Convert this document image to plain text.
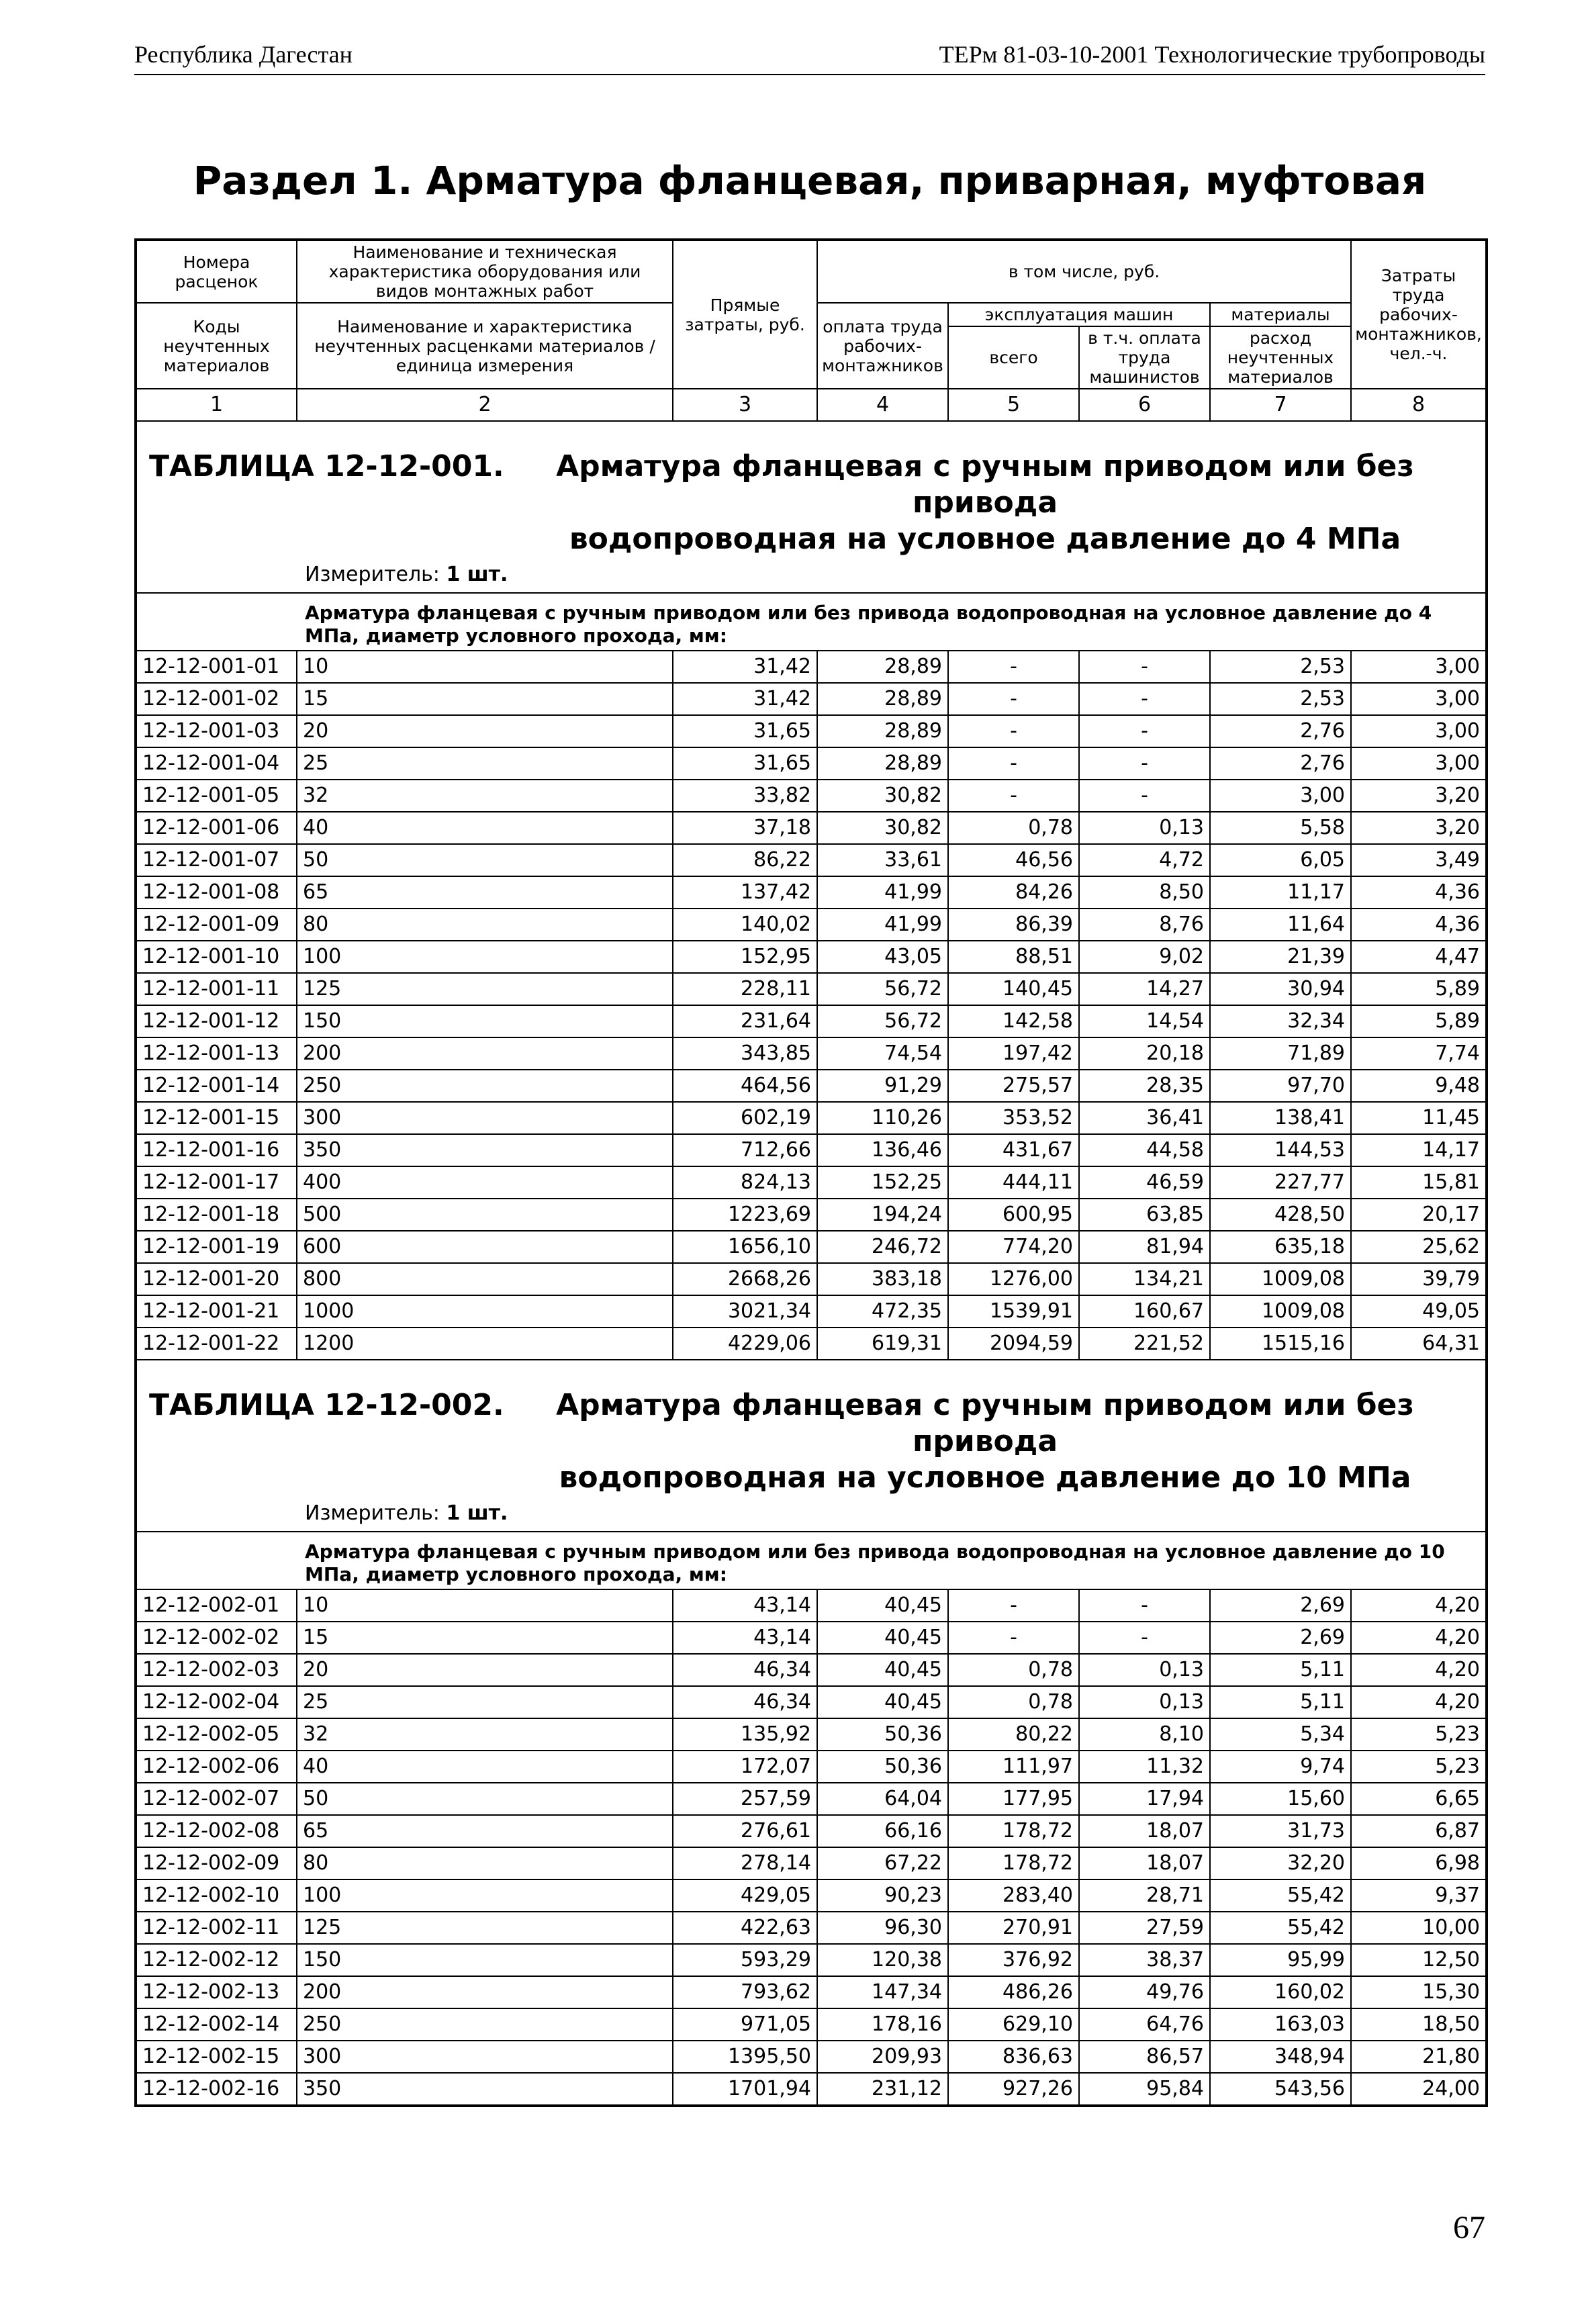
Республика Дагестан	ТЕРм 81-03-10-2001 Технологические трубопроводы
Раздел 1. Арматура фланцевая, приварная, муфтовая
Номера расценок	Наименование и техническая характеристика оборудования или видов монтажных работ	Прямые затраты, руб.	в том числе, руб.				Затраты труда рабочих-монтажников, чел.-ч.
Коды неучтенных материалов	Наименование и характеристика неучтенных расценками материалов / единица измерения		оплата труда рабочих-монтажников	эксплуатация машин		материалы	
				всего	в т.ч. оплата труда машинистов	расход неучтенных материалов	
1	2	3	4	5	6	7	8

ТАБЛИЦА 12-12-001. Арматура фланцевая с ручным приводом или без привода
водопроводная на условное давление до 4 МПа
Измеритель: 1 шт.							

Арматура фланцевая с ручным приводом или без привода водопроводная на условное давление до 4 МПа, диаметр условного прохода, мм:							
12-12-001-01	10	31,42	28,89	-	-	2,53	3,00
12-12-001-02	15	31,42	28,89	-	-	2,53	3,00
12-12-001-03	20	31,65	28,89	-	-	2,76	3,00
12-12-001-04	25	31,65	28,89	-	-	2,76	3,00
12-12-001-05	32	33,82	30,82	-	-	3,00	3,20
12-12-001-06	40	37,18	30,82	0,78	0,13	5,58	3,20
12-12-001-07	50	86,22	33,61	46,56	4,72	6,05	3,49
12-12-001-08	65	137,42	41,99	84,26	8,50	11,17	4,36
12-12-001-09	80	140,02	41,99	86,39	8,76	11,64	4,36
12-12-001-10	100	152,95	43,05	88,51	9,02	21,39	4,47
12-12-001-11	125	228,11	56,72	140,45	14,27	30,94	5,89
12-12-001-12	150	231,64	56,72	142,58	14,54	32,34	5,89
12-12-001-13	200	343,85	74,54	197,42	20,18	71,89	7,74
12-12-001-14	250	464,56	91,29	275,57	28,35	97,70	9,48
12-12-001-15	300	602,19	110,26	353,52	36,41	138,41	11,45
12-12-001-16	350	712,66	136,46	431,67	44,58	144,53	14,17
12-12-001-17	400	824,13	152,25	444,11	46,59	227,77	15,81
12-12-001-18	500	1223,69	194,24	600,95	63,85	428,50	20,17
12-12-001-19	600	1656,10	246,72	774,20	81,94	635,18	25,62
12-12-001-20	800	2668,26	383,18	1276,00	134,21	1009,08	39,79
12-12-001-21	1000	3021,34	472,35	1539,91	160,67	1009,08	49,05
12-12-001-22	1200	4229,06	619,31	2094,59	221,52	1515,16	64,31

ТАБЛИЦА 12-12-002. Арматура фланцевая с ручным приводом или без привода
водопроводная на условное давление до 10 МПа
Измеритель: 1 шт.							

Арматура фланцевая с ручным приводом или без привода водопроводная на условное давление до 10 МПа, диаметр условного прохода, мм:							
12-12-002-01	10	43,14	40,45	-	-	2,69	4,20
12-12-002-02	15	43,14	40,45	-	-	2,69	4,20
12-12-002-03	20	46,34	40,45	0,78	0,13	5,11	4,20
12-12-002-04	25	46,34	40,45	0,78	0,13	5,11	4,20
12-12-002-05	32	135,92	50,36	80,22	8,10	5,34	5,23
12-12-002-06	40	172,07	50,36	111,97	11,32	9,74	5,23
12-12-002-07	50	257,59	64,04	177,95	17,94	15,60	6,65
12-12-002-08	65	276,61	66,16	178,72	18,07	31,73	6,87
12-12-002-09	80	278,14	67,22	178,72	18,07	32,20	6,98
12-12-002-10	100	429,05	90,23	283,40	28,71	55,42	9,37
12-12-002-11	125	422,63	96,30	270,91	27,59	55,42	10,00
12-12-002-12	150	593,29	120,38	376,92	38,37	95,99	12,50
12-12-002-13	200	793,62	147,34	486,26	49,76	160,02	15,30
12-12-002-14	250	971,05	178,16	629,10	64,76	163,03	18,50
12-12-002-15	300	1395,50	209,93	836,63	86,57	348,94	21,80
12-12-002-16	350	1701,94	231,12	927,26	95,84	543,56	24,00
67
